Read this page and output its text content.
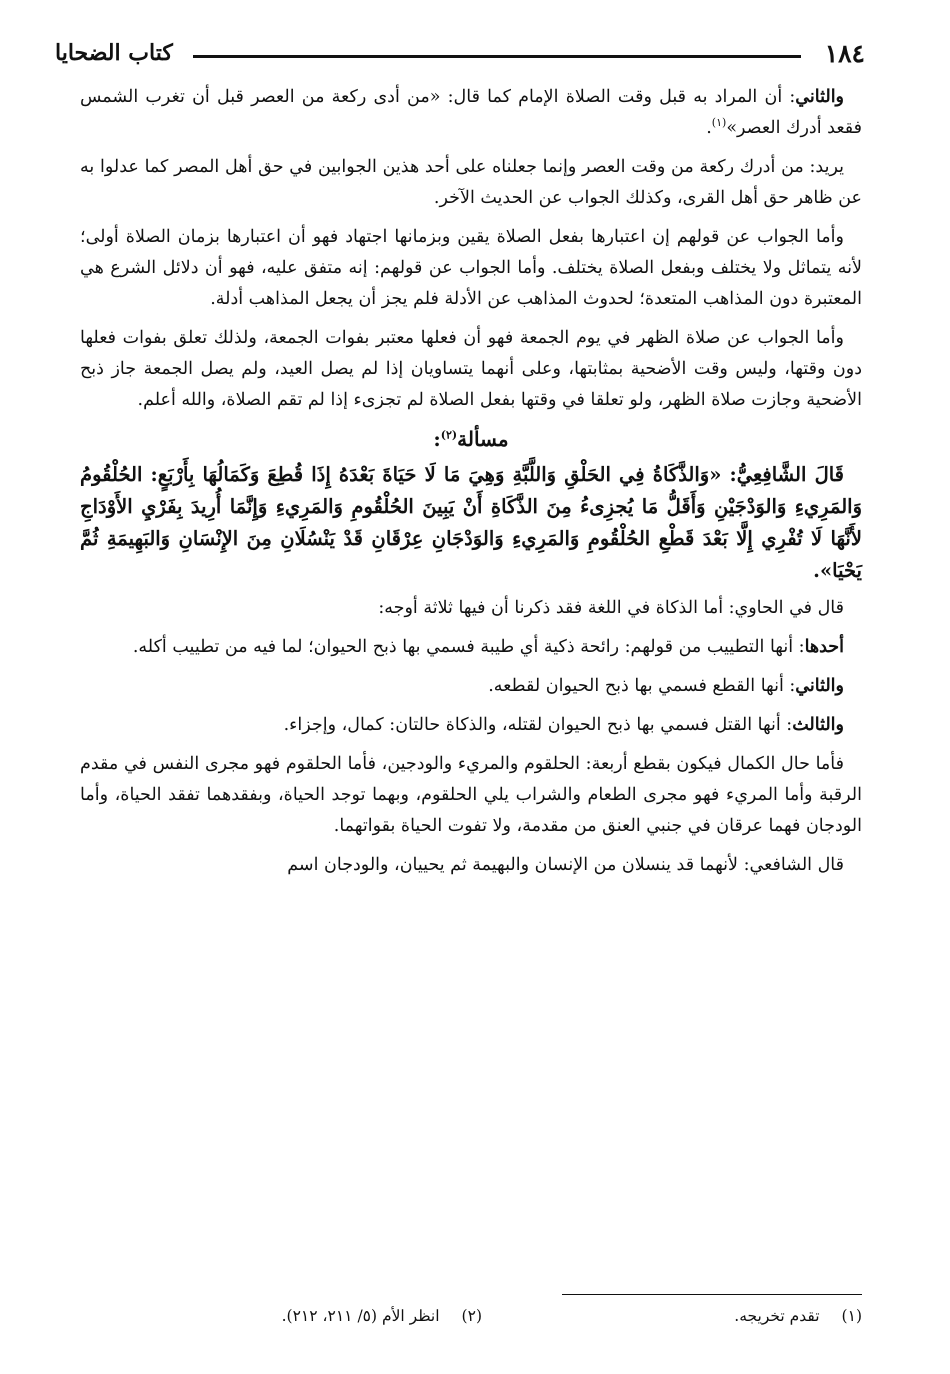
١٨٤
كتاب الضحايا

والثاني: أن المراد به قبل وقت الصلاة الإمام كما قال: «من أدى ركعة من العصر قبل أن تغرب الشمس فقعد أدرك العصر»$^{(١)}$.

يريد: من أدرك ركعة من وقت العصر وإنما جعلناه على أحد هذين الجوابين في حق أهل المصر كما عدلوا به عن ظاهر حق أهل القرى، وكذلك الجواب عن الحديث الآخر.

وأما الجواب عن قولهم إن اعتبارها بفعل الصلاة يقين وبزمانها اجتهاد فهو أن اعتبارها بزمان الصلاة أولى؛ لأنه يتماثل ولا يختلف وبفعل الصلاة يختلف. وأما الجواب عن قولهم: إنه متفق عليه، فهو أن دلائل الشرع هي المعتبرة دون المذاهب المتعدة؛ لحدوث المذاهب عن الأدلة فلم يجز أن يجعل المذاهب أدلة.

وأما الجواب عن صلاة الظهر في يوم الجمعة فهو أن فعلها معتبر بفوات الجمعة، ولذلك تعلق بفوات فعلها دون وقتها، وليس وقت الأضحية بمثابتها، وعلى أنهما يتساويان إذا لم يصل العيد، ولم يصل الجمعة جاز ذبح الأضحية وجازت صلاة الظهر، ولو تعلقا في وقتها بفعل الصلاة لم تجزىء إذا لم تقم الصلاة، والله أعلم.

مسألة$^{(٢)}$:

قَالَ الشَّافِعِيُّ: «وَالذَّكَاةُ فِي الحَلْقِ وَاللَّبَّةِ وَهِيَ مَا لَا حَيَاةَ بَعْدَهُ إِذَا قُطِعَ وَكَمَالُهَا بِأَرْبَعٍ: الحُلْقُومُ وَالمَرِيءِ وَالوَدْجَيْنِ وَأَقَلُّ مَا يُجزِىءُ مِنَ الذَّكَاةِ أَنْ يَبِينَ الحُلْقُومِ وَالمَرِيءِ وَإِنَّمَا أُرِيدَ بِفَرْيِ الأَوْدَاجِ لأَنَّهَا لَا تُفْرِي إِلَّا بَعْدَ قَطْعِ الحُلْقُومِ وَالمَرِيءِ وَالوَدْجَانِ عِرْقَانِ قَدْ يَنْسُلَانِ مِنَ الإِنْسَانِ وَالبَهِيمَةِ ثُمَّ يَحْيَا».

قال في الحاوي: أما الذكاة في اللغة فقد ذكرنا أن فيها ثلاثة أوجه:

أحدها: أنها التطييب من قولهم: رائحة ذكية أي طيبة فسمي بها ذبح الحيوان؛ لما فيه من تطييب أكله.

والثاني: أنها القطع فسمي بها ذبح الحيوان لقطعه.

والثالث: أنها القتل فسمي بها ذبح الحيوان لقتله، والذكاة حالتان: كمال، وإجزاء.

فأما حال الكمال فيكون بقطع أربعة: الحلقوم والمريء والودجين، فأما الحلقوم فهو مجرى النفس في مقدم الرقبة وأما المريء فهو مجرى الطعام والشراب يلي الحلقوم، وبهما توجد الحياة، وبفقدهما تفقد الحياة، وأما الودجان فهما عرقان في جنبي العنق من مقدمة، ولا تفوت الحياة بقواتهما.

قال الشافعي: لأنهما قد ينسلان من الإنسان والبهيمة ثم يحييان، والودجان اسم

(١)
تقدم تخريجه.
(٢)
انظر الأم (٥/ ٢١١، ٢١٢).
